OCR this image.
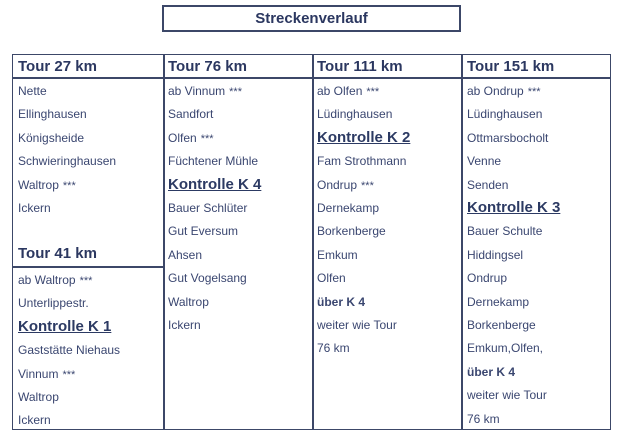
Streckenverlauf
Tour 27 km
Nette
Ellinghausen
Königsheide
Schwieringhausen
Waltrop ***
Ickern
Tour 41 km
ab Waltrop ***
Unterlippestr.
Kontrolle K 1
Gaststätte Niehaus
Vinnum ***
Waltrop
Ickern
Tour 76 km
ab Vinnum ***
Sandfort
Olfen ***
Füchtener Mühle
Kontrolle K 4
Bauer Schlüter
Gut Eversum
Ahsen
Gut Vogelsang
Waltrop
Ickern
Tour 111 km
ab Olfen ***
Lüdinghausen
Kontrolle K 2
Fam Strothmann
Ondrup ***
Dernekamp
Borkenberge
Emkum
Olfen
über K 4
weiter wie Tour
76 km
Tour 151 km
ab Ondrup ***
Lüdinghausen
Ottmarsbocholt
Venne
Senden
Kontrolle K 3
Bauer Schulte
Hiddingsel
Ondrup
Dernekamp
Borkenberge
Emkum,Olfen,
über K 4
weiter wie Tour
76 km
